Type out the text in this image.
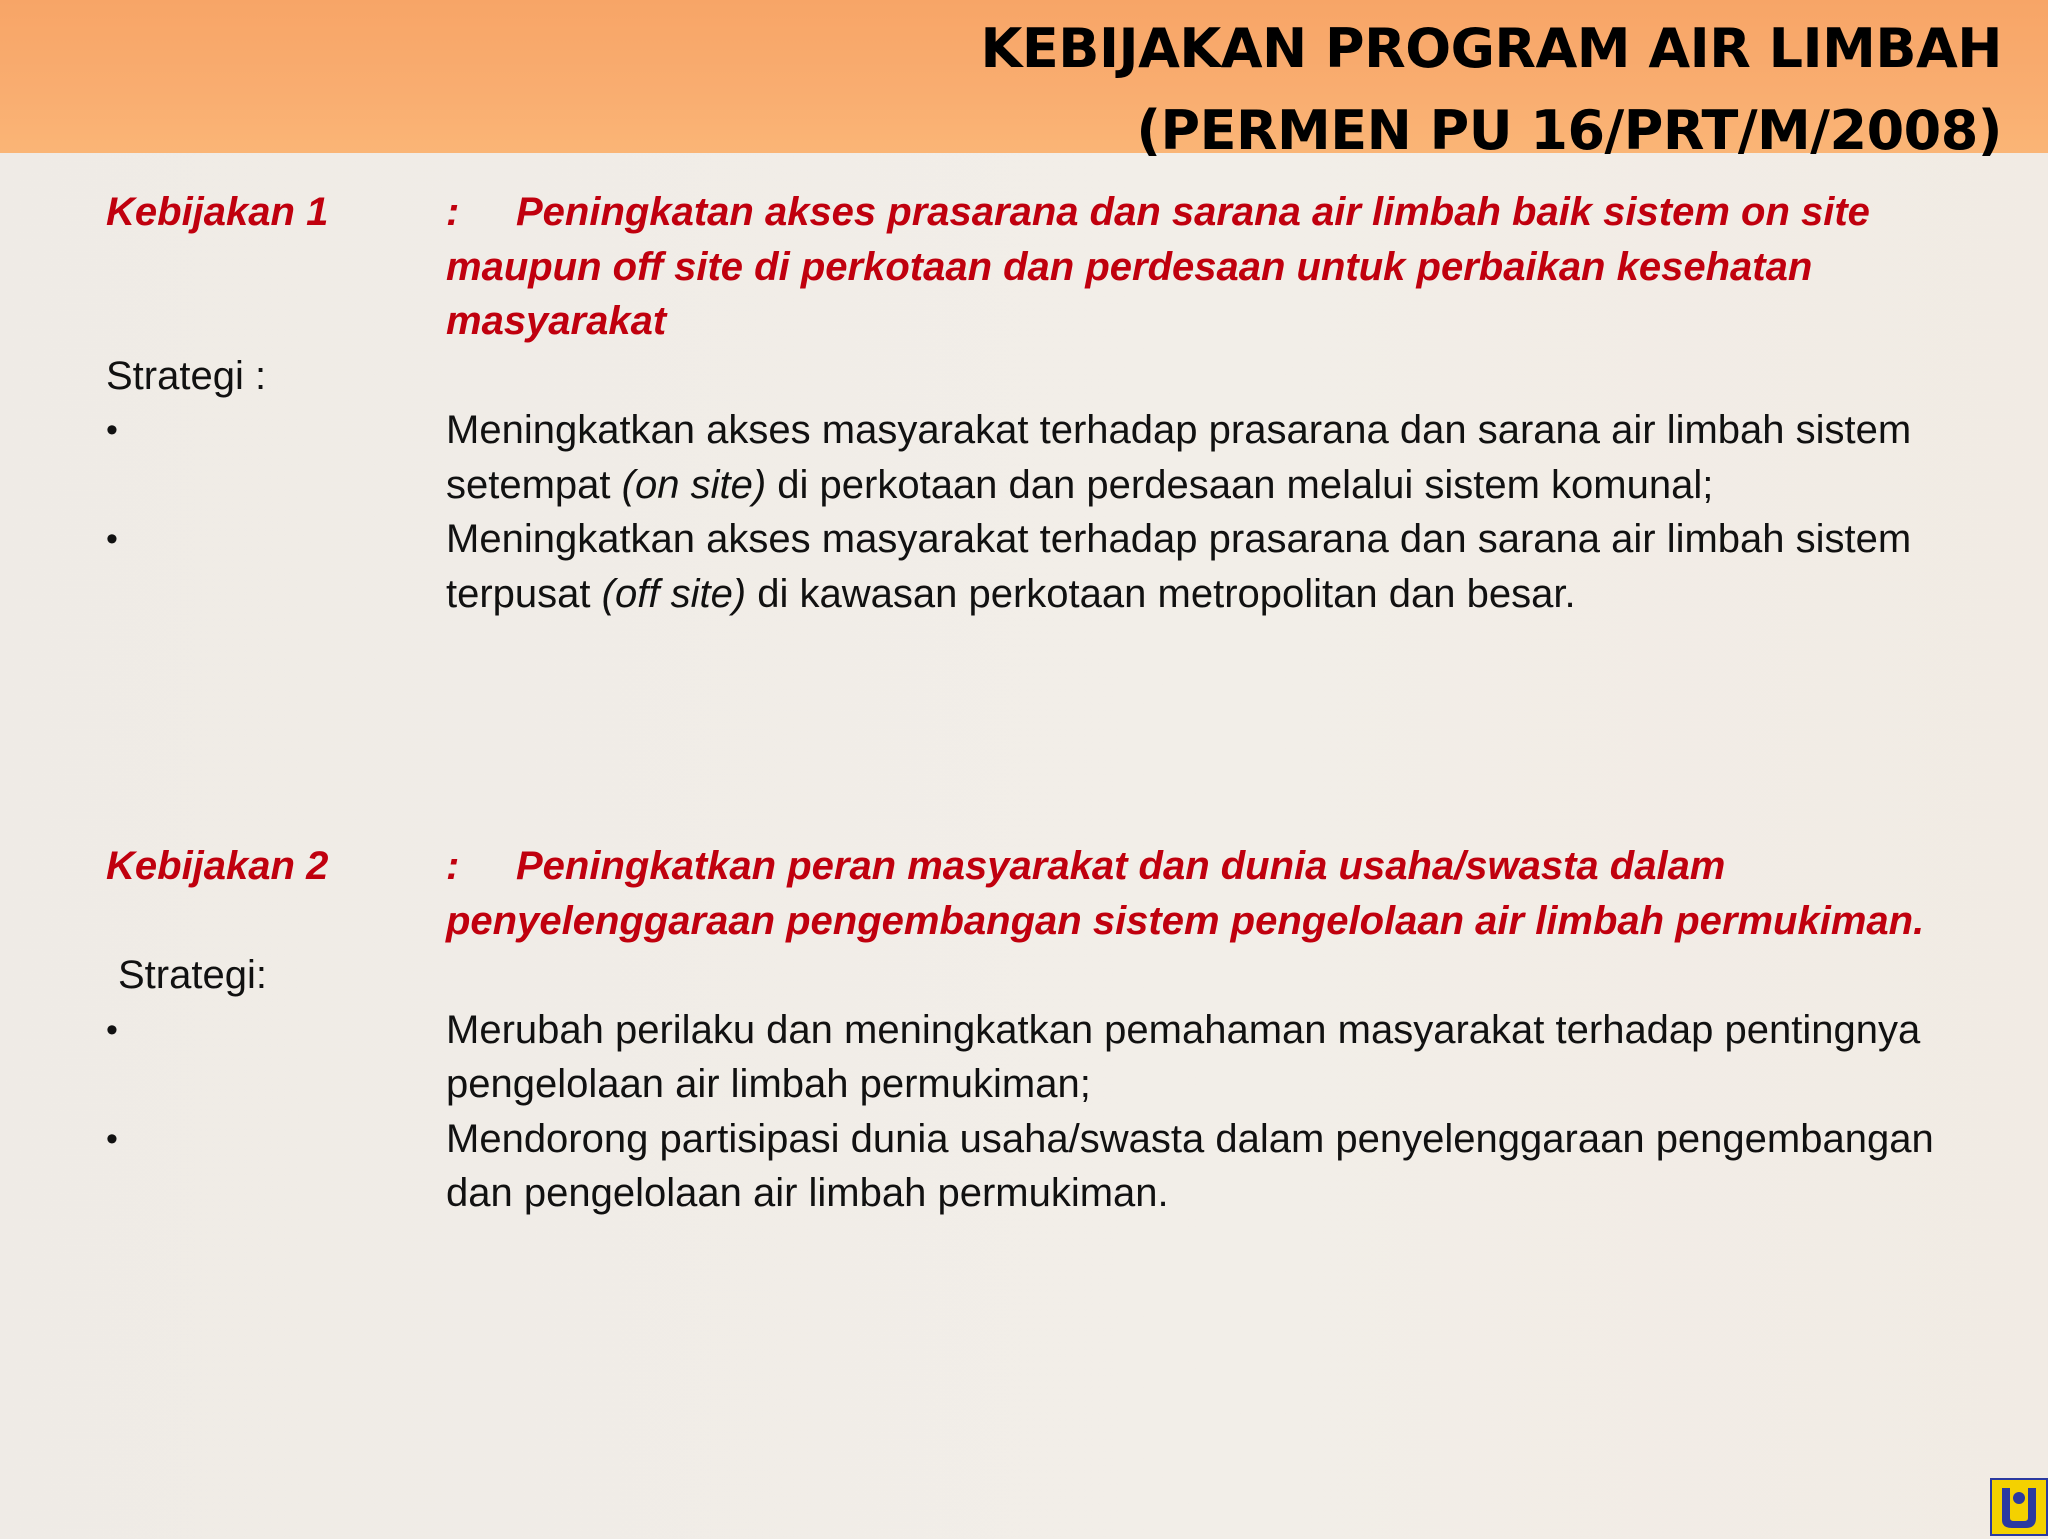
KEBIJAKAN PROGRAM AIR LIMBAH
(PERMEN PU 16/PRT/M/2008)
Kebijakan 1	: Peningkatan akses prasarana dan sarana air limbah baik sistem on site maupun off site di perkotaan dan perdesaan untuk perbaikan kesehatan masyarakat
Strategi :
•	Meningkatkan akses masyarakat terhadap prasarana dan sarana air limbah sistem setempat (on site) di perkotaan dan perdesaan melalui sistem komunal;
•	Meningkatkan akses masyarakat terhadap prasarana dan sarana air limbah sistem terpusat (off site) di kawasan perkotaan metropolitan dan besar.
Kebijakan 2	: Peningkatkan peran masyarakat dan dunia usaha/swasta dalam penyelenggaraan pengembangan sistem pengelolaan air limbah permukiman.
Strategi:
•	Merubah perilaku dan meningkatkan pemahaman masyarakat terhadap pentingnya pengelolaan air limbah permukiman;
•	Mendorong partisipasi dunia usaha/swasta dalam penyelenggaraan pengembangan dan pengelolaan air limbah permukiman.
